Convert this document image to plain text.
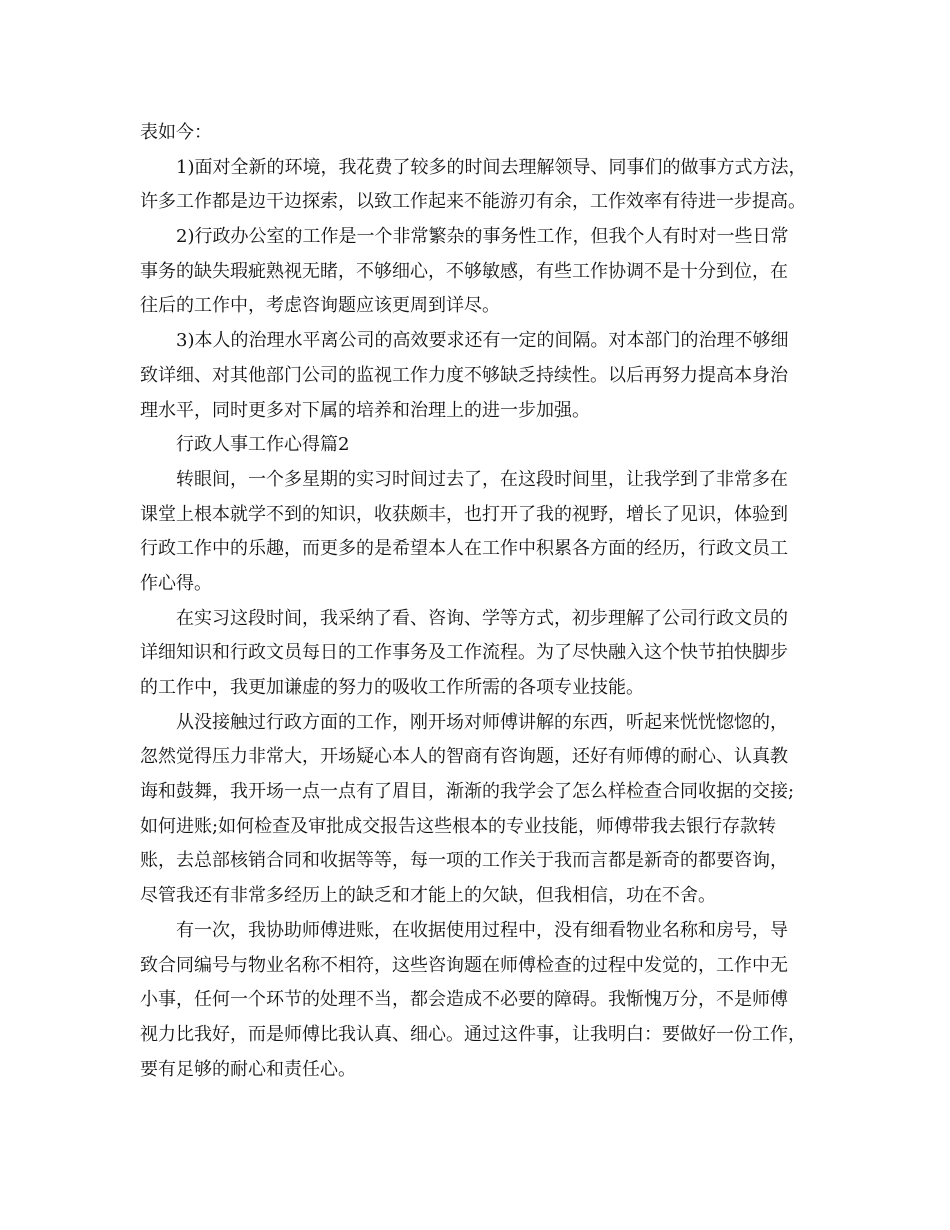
表如今：
1)面对全新的环境，我花费了较多的时间去理解领导、同事们的做事方式方法，
许多工作都是边干边探索，以致工作起来不能游刃有余，工作效率有待进一步提高。
2)行政办公室的工作是一个非常繁杂的事务性工作，但我个人有时对一些日常
事务的缺失瑕疵熟视无睹，不够细心，不够敏感，有些工作协调不是十分到位，在
往后的工作中，考虑咨询题应该更周到详尽。
3)本人的治理水平离公司的高效要求还有一定的间隔。对本部门的治理不够细
致详细、对其他部门公司的监视工作力度不够缺乏持续性。以后再努力提高本身治
理水平，同时更多对下属的培养和治理上的进一步加强。
行政人事工作心得篇2
转眼间，一个多星期的实习时间过去了，在这段时间里，让我学到了非常多在
课堂上根本就学不到的知识，收获颇丰，也打开了我的视野，增长了见识，体验到
行政工作中的乐趣，而更多的是希望本人在工作中积累各方面的经历，行政文员工
作心得。
在实习这段时间，我采纳了看、咨询、学等方式，初步理解了公司行政文员的
详细知识和行政文员每日的工作事务及工作流程。为了尽快融入这个快节拍快脚步
的工作中，我更加谦虚的努力的吸收工作所需的各项专业技能。
从没接触过行政方面的工作，刚开场对师傅讲解的东西，听起来恍恍惚惚的，
忽然觉得压力非常大，开场疑心本人的智商有咨询题，还好有师傅的耐心、认真教
诲和鼓舞，我开场一点一点有了眉目，渐渐的我学会了怎么样检查合同收据的交接;
如何进账;如何检查及审批成交报告这些根本的专业技能，师傅带我去银行存款转
账，去总部核销合同和收据等等，每一项的工作关于我而言都是新奇的都要咨询，
尽管我还有非常多经历上的缺乏和才能上的欠缺，但我相信，功在不舍。
有一次，我协助师傅进账，在收据使用过程中，没有细看物业名称和房号，导
致合同编号与物业名称不相符，这些咨询题在师傅检查的过程中发觉的，工作中无
小事，任何一个环节的处理不当，都会造成不必要的障碍。我惭愧万分，不是师傅
视力比我好，而是师傅比我认真、细心。通过这件事，让我明白：要做好一份工作，
要有足够的耐心和责任心。
